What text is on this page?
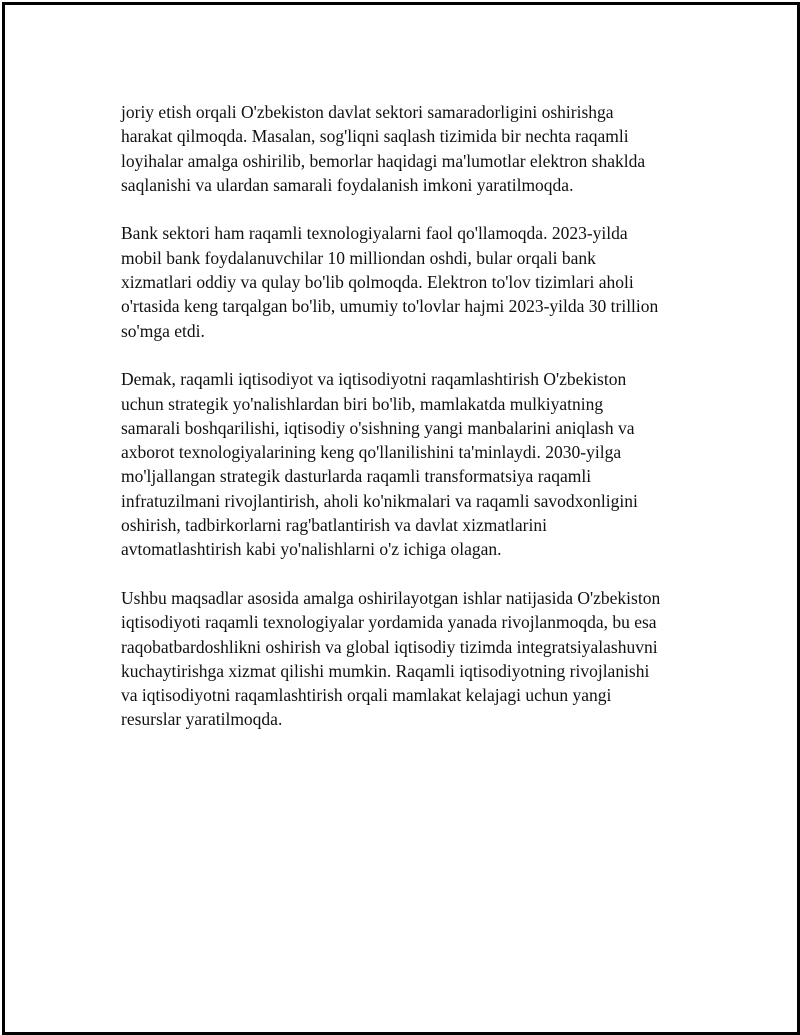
joriy etish orqali O'zbekiston davlat sektori samaradorligini oshirishga
harakat qilmoqda. Masalan, sog'liqni saqlash tizimida bir nechta raqamli
loyihalar amalga oshirilib, bemorlar haqidagi ma'lumotlar elektron shaklda
saqlanishi va ulardan samarali foydalanish imkoni yaratilmoqda.

Bank sektori ham raqamli texnologiyalarni faol qo'llamoqda. 2023-yilda
mobil bank foydalanuvchilar 10 milliondan oshdi, bular orqali bank
xizmatlari oddiy va qulay bo'lib qolmoqda. Elektron to'lov tizimlari aholi
o'rtasida keng tarqalgan bo'lib, umumiy to'lovlar hajmi 2023-yilda 30 trillion
so'mga etdi.

Demak, raqamli iqtisodiyot va iqtisodiyotni raqamlashtirish O'zbekiston
uchun strategik yo'nalishlardan biri bo'lib, mamlakatda mulkiyatning
samarali boshqarilishi, iqtisodiy o'sishning yangi manbalarini aniqlash va
axborot texnologiyalarining keng qo'llanilishini ta'minlaydi. 2030-yilga
mo'ljallangan strategik dasturlarda raqamli transformatsiya raqamli
infratuzilmani rivojlantirish, aholi ko'nikmalari va raqamli savodxonligini
oshirish, tadbirkorlarni rag'batlantirish va davlat xizmatlarini
avtomatlashtirish kabi yo'nalishlarni o'z ichiga olagan.

Ushbu maqsadlar asosida amalga oshirilayotgan ishlar natijasida O'zbekiston
iqtisodiyoti raqamli texnologiyalar yordamida yanada rivojlanmoqda, bu esa
raqobatbardoshlikni oshirish va global iqtisodiy tizimda integratsiyalashuvni
kuchaytirishga xizmat qilishi mumkin. Raqamli iqtisodiyotning rivojlanishi
va iqtisodiyotni raqamlashtirish orqali mamlakat kelajagi uchun yangi
resurslar yaratilmoqda.
